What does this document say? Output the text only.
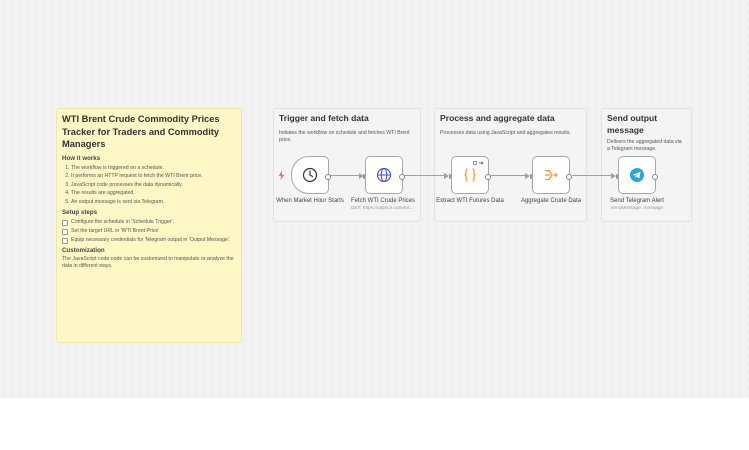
WTI Brent Crude Commodity Prices Tracker for Traders and Commodity Managers
How it works
1. The workflow is triggered on a schedule.
2. It performs an HTTP request to fetch the WTI Brent price.
3. JavaScript code processes the data dynamically.
4. The results are aggregated.
5. An output message is sent via Telegram.
Setup steps
Configure the schedule in 'Schedule Trigger'.
Set the target URL in 'WTI Brent Price'.
Equip necessary credentials for Telegram output in 'Output Message'.
Customization
The JavaScript code node can be customized to manipulate or analyze the data in different ways.
Trigger and fetch data
Initiates the workflow on schedule and fetches WTI Brent price.
Process and aggregate data
Processes data using JavaScript and aggregates results.
Send output message
Delivers the aggregated data via a Telegram message.
When Market Hour Starts	Fetch WTI Crude Prices
GET: https://oilprice.com/fut...
Extract WTI Futures Data	Aggregate Crude Data	Send Telegram Alert
sendMessage: message
